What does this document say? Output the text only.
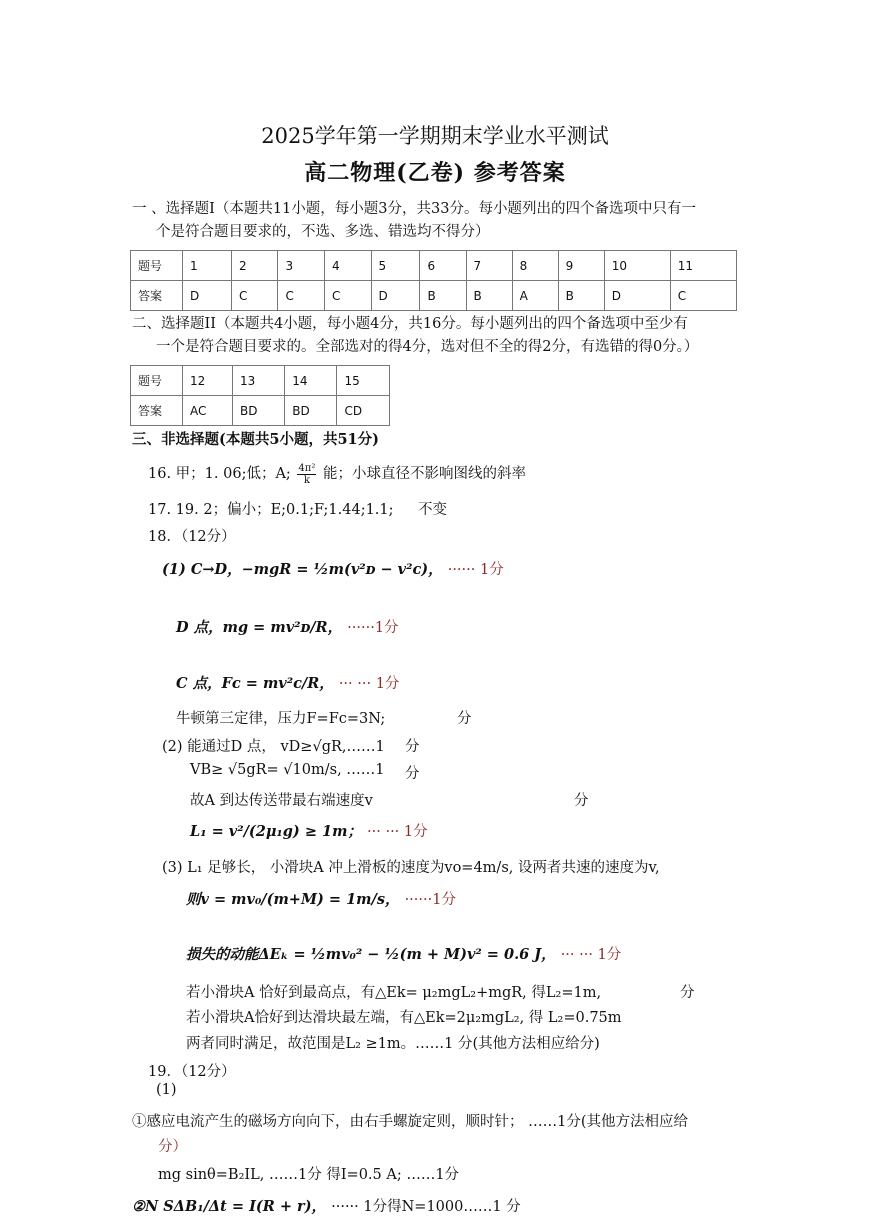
2025学年第一学期期末学业水平测试
高二物理(乙卷) 参考答案
一 、选择题I（本题共11小题，每小题3分，共33分。每小题列出的四个备选项中只有一
个是符合题目要求的，不选、多选、错选均不得分）
题号	1	2	3	4	5	6	7	8	9	10	11
答案	D	C	C	C	D	B	B	A	B	D	C
二、选择题II（本题共4小题，每小题4分，共16分。每小题列出的四个备选项中至少有
一个是符合题目要求的。全部选对的得4分，选对但不全的得2分，有选错的得0分。）
题号	12	13	14	15
答案	AC	BD	BD	CD
三、非选择题(本题共5小题，共51分)
16. 甲；1. 06;低；A; $\frac{\text{4π²}}{k}$ 能；小球直径不影响图线的斜率
17. 19. 2；偏小；E;0.1;F;1.44;1.1; 不变
18．（12分）
(1) C→D，−mgR = ½m(v²ᴅ − v²ᴄ)， ······ 1分
D 点，mg = mv²ᴅ/R， ······1分
C 点，Fᴄ = mv²ᴄ/R， ··· ··· 1分
牛顿第三定律，压力F=Fc=3N;	分
(2) 能通过D 点， vD≥√gR,……1 分
VB≥ √5gR= √10m/s, ……1 分
故A 到达传送带最右端速度v	分
L₁ = v²/(2μ₁g) ≥ 1m； ··· ··· 1分
(3) L₁ 足够长， 小滑块A 冲上滑板的速度为vo=4m/s, 设两者共速的速度为v,
则v = mv₀/(m+M) = 1m/s， ······1分
损失的动能ΔEₖ = ½mv₀² − ½(m + M)v² = 0.6 J， ··· ··· 1分
若小滑块A 恰好到最高点，有△Ek= μ₂mgL₂+mgR, 得L₂=1m,	分
若小滑块A恰好到达滑块最左端，有△Ek=2μ₂mgL₂, 得 L₂=0.75m
两者同时满足，故范围是L₂ ≥1m。……1 分(其他方法相应给分)
19．（12分）
(1)
①感应电流产生的磁场方向向下，由右手螺旋定则，顺时针； ……1分(其他方法相应给
分）
mg sinθ=B₂IL, ……1分 得I=0.5 A; ……1分
②N SΔB₁/Δt = I(R + r)， ······ 1分得N=1000……1 分
